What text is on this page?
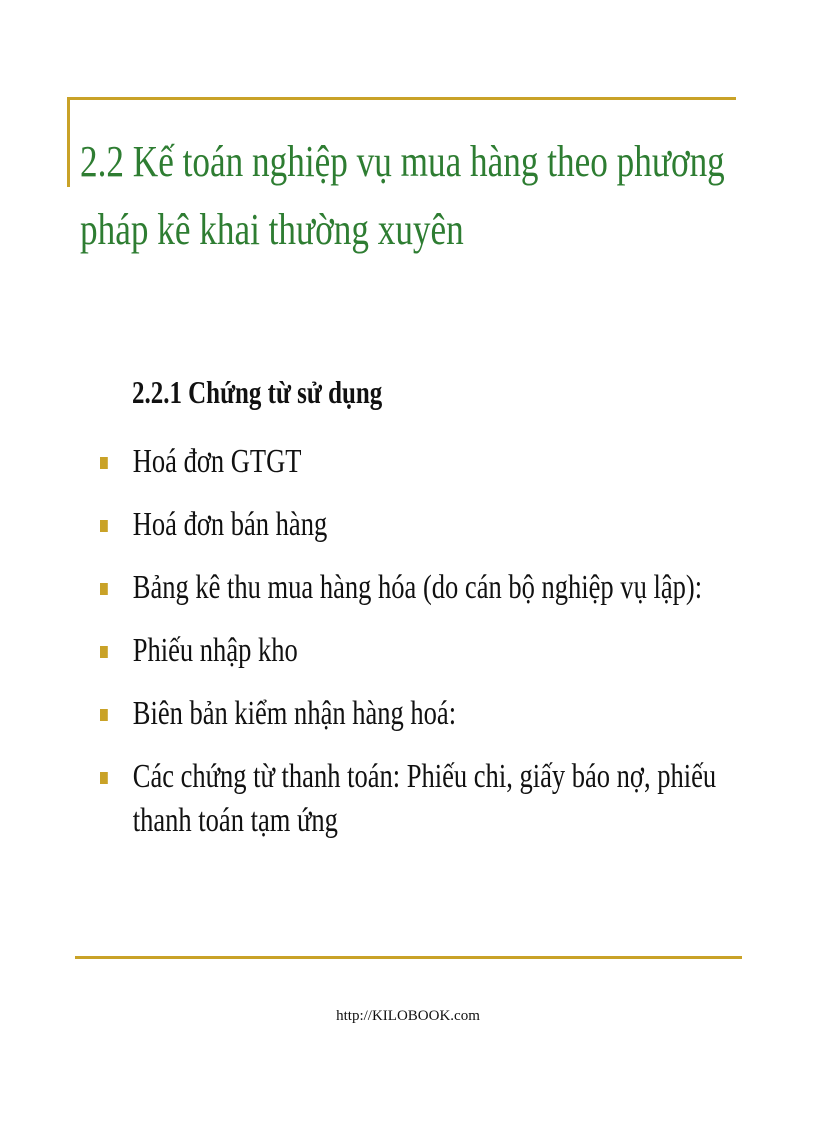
2.2 Kế toán nghiệp vụ mua hàng theo phương pháp kê khai thường xuyên
2.2.1 Chứng từ sử dụng
Hoá đơn GTGT
Hoá đơn bán hàng
Bảng kê thu mua hàng hóa (do cán bộ nghiệp vụ lập):
Phiếu nhập kho
Biên bản kiểm nhận hàng hoá:
Các chứng từ thanh toán: Phiếu chi, giấy báo nợ, phiếu thanh toán tạm ứng
http://KILOBOOK.com
